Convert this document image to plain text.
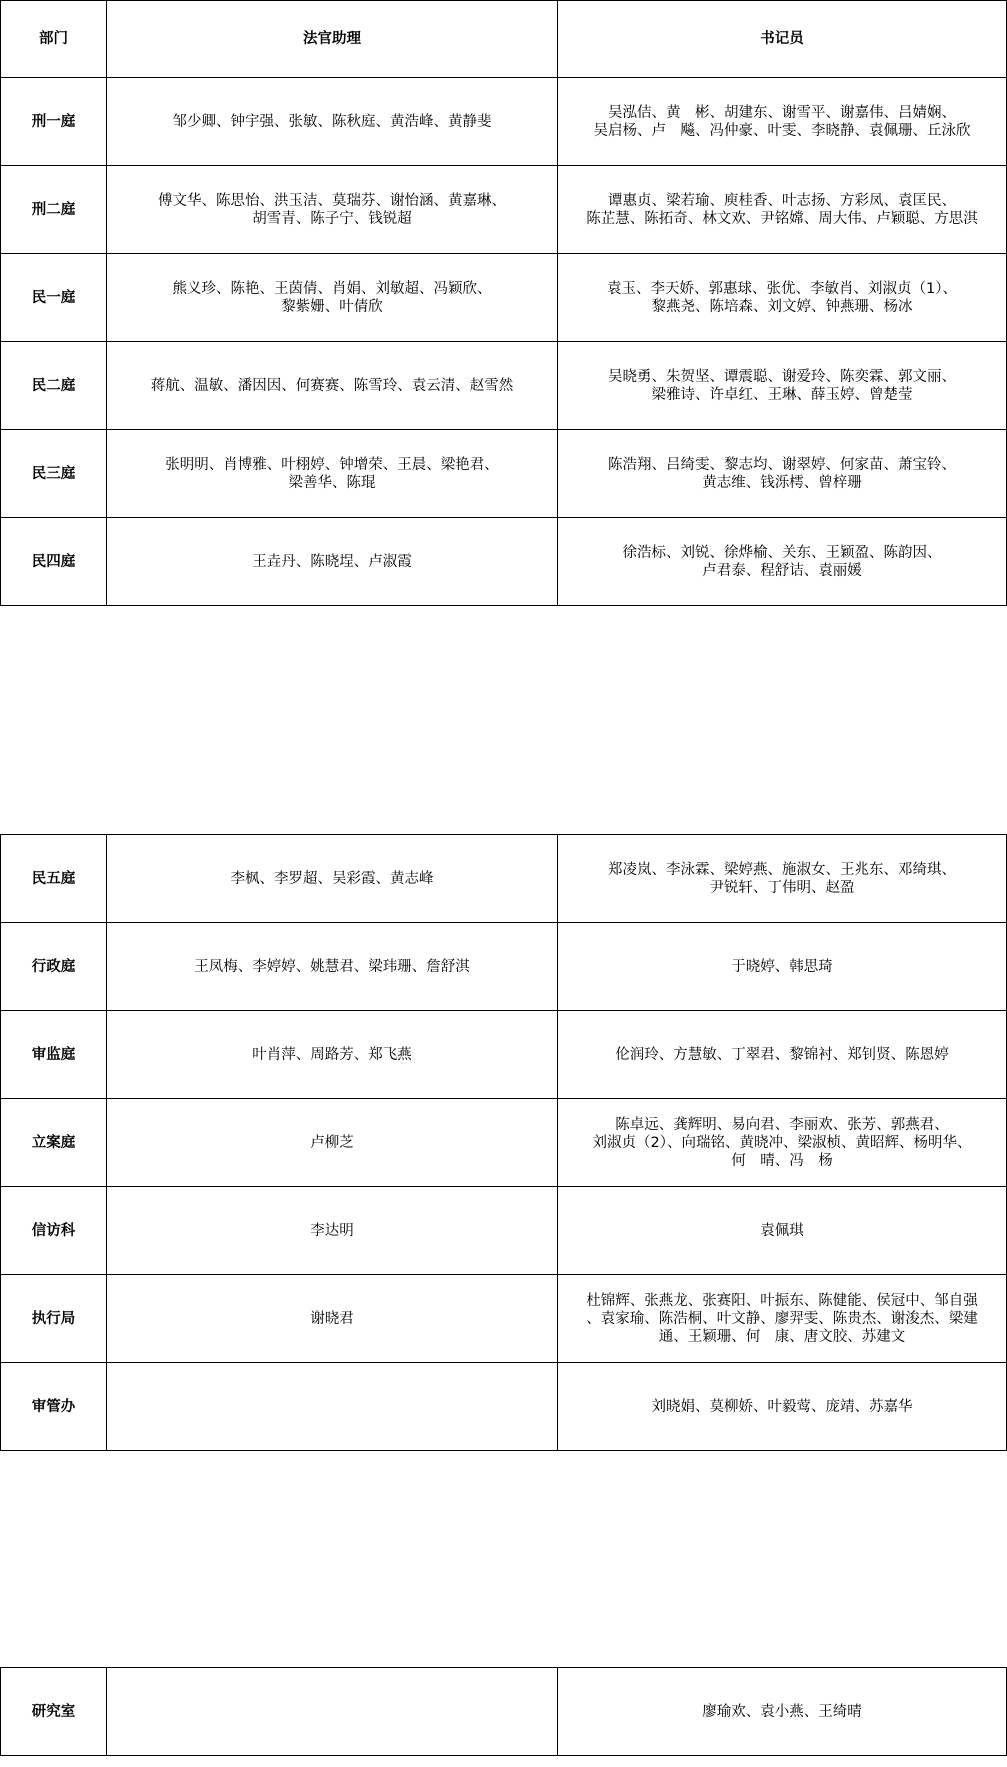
部门	法官助理	书记员
刑一庭	邹少卿、钟宇强、张敏、陈秋庭、黄浩峰、黄静斐	吴泓佶、黄　彬、胡建东、谢雪平、谢嘉伟、吕婧娴、
吴启杨、卢　飚、冯仲豪、叶雯、李晓静、袁佩珊、丘泳欣
刑二庭	傅文华、陈思怡、洪玉洁、莫瑞芬、谢怡涵、黄嘉琳、
胡雪青、陈子宁、钱锐超	谭惠贞、梁若瑜、庾桂香、叶志扬、方彩凤、袁匡民、
陈芷慧、陈拓奇、林文欢、尹铭嫦、周大伟、卢颖聪、方思淇
民一庭	熊义珍、陈艳、王茵倩、肖娟、刘敏超、冯颖欣、
黎紫姗、叶倩欣	袁玉、李天娇、郭惠球、张优、李敏肖、刘淑贞（1）、
黎燕尧、陈培森、刘文婷、钟燕珊、杨冰
民二庭	蒋航、温敏、潘因因、何赛赛、陈雪玲、袁云清、赵雪然	吴晓勇、朱贺坚、谭震聪、谢爱玲、陈奕霖、郭文丽、
梁雅诗、许卓红、王琳、薛玉婷、曾楚莹
民三庭	张明明、肖博雅、叶栩婷、钟增荣、王晨、梁艳君、
梁善华、陈琨	陈浩翔、吕绮雯、黎志均、谢翠婷、何家苗、萧宝铃、
黄志维、钱泺樗、曾梓珊
民四庭	王垚丹、陈晓埕、卢淑霞	徐浩标、刘锐、徐烨榆、关东、王颖盈、陈韵因、
卢君泰、程舒诘、袁丽媛
民五庭	李枫、李罗超、吴彩霞、黄志峰	郑凌岚、李泳霖、梁婷燕、施淑女、王兆东、邓绮琪、
尹锐轩、丁伟明、赵盈
行政庭	王凤梅、李婷婷、姚慧君、梁玮珊、詹舒淇	于晓婷、韩思琦
审监庭	叶肖萍、周路芳、郑飞燕	伦润玲、方慧敏、丁翠君、黎锦衬、郑钊贤、陈恩婷
立案庭	卢柳芝	陈卓远、龚辉明、易向君、李丽欢、张芳、郭燕君、
刘淑贞（2）、向瑞铭、黄晓冲、梁淑桢、黄昭辉、杨明华、
何　晴、冯　杨
信访科	李达明	袁佩琪
执行局	谢晓君	杜锦辉、张燕龙、张赛阳、叶振东、陈健能、侯冠中、邹自强
、袁家瑜、陈浩桐、叶文静、廖羿雯、陈贵杰、谢浚杰、梁建
通、王颖珊、何　康、唐文胶、苏建文
审管办		刘晓娟、莫柳娇、叶毅莺、庞靖、苏嘉华
研究室		廖瑜欢、袁小燕、王绮晴
